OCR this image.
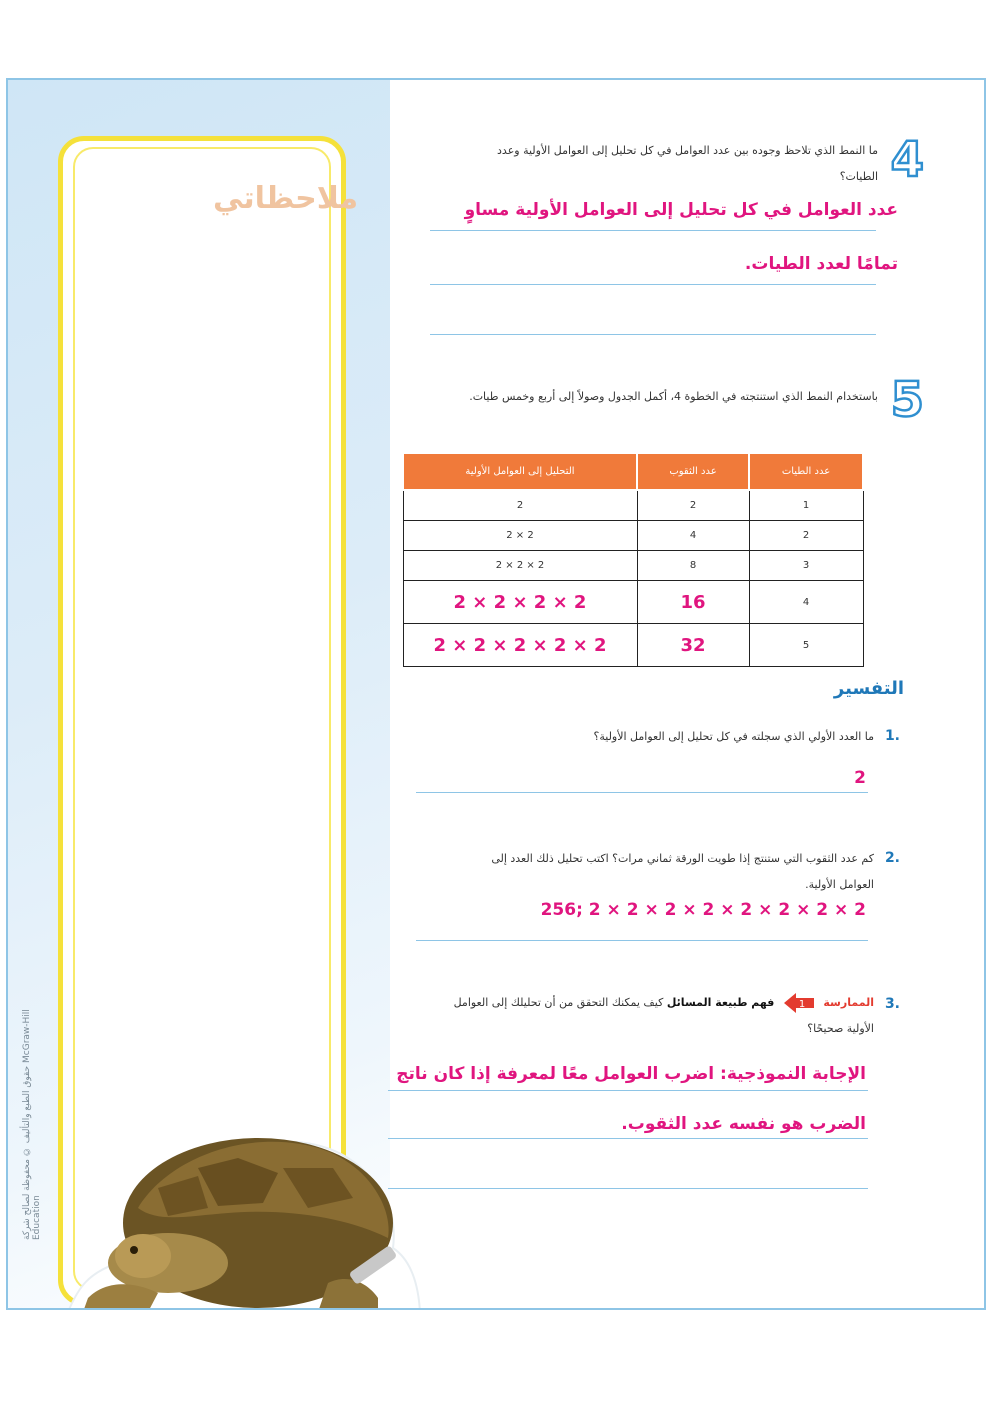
ملاحظاتي
حقوق الطبع والتأليف © محفوظة لصالح شركة McGraw-Hill Education
4
ما النمط الذي تلاحظ وجوده بين عدد العوامل في كل تحليل إلى العوامل الأولية وعدد الطيات؟
عدد العوامل في كل تحليل إلى العوامل الأولية مساوٍ
تمامًا لعدد الطيات.
5
باستخدام النمط الذي استنتجته في الخطوة 4، أكمل الجدول وصولاً إلى أربع وخمس طيات.
عدد الطيات	عدد الثقوب	التحليل إلى العوامل الأولية
1	2	2
2	4	2 × 2
3	8	2 × 2 × 2
4	16	2 × 2 × 2 × 2
5	32	2 × 2 × 2 × 2 × 2
التفسير
1.
ما العدد الأولي الذي سجلته في كل تحليل إلى العوامل الأولية؟
2
2.
كم عدد الثقوب التي ستنتج إذا طويت الورقة ثماني مرات؟ اكتب تحليل ذلك العدد إلى العوامل الأولية.
256; 2 × 2 × 2 × 2 × 2 × 2 × 2 × 2
3.
الممارسة
1
فهم طبيعة المسائل كيف يمكنك التحقق من أن تحليلك إلى العوامل الأولية صحيحًا؟
الإجابة النموذجية: اضرب العوامل معًا لمعرفة إذا كان ناتج
الضرب هو نفسه عدد الثقوب.
